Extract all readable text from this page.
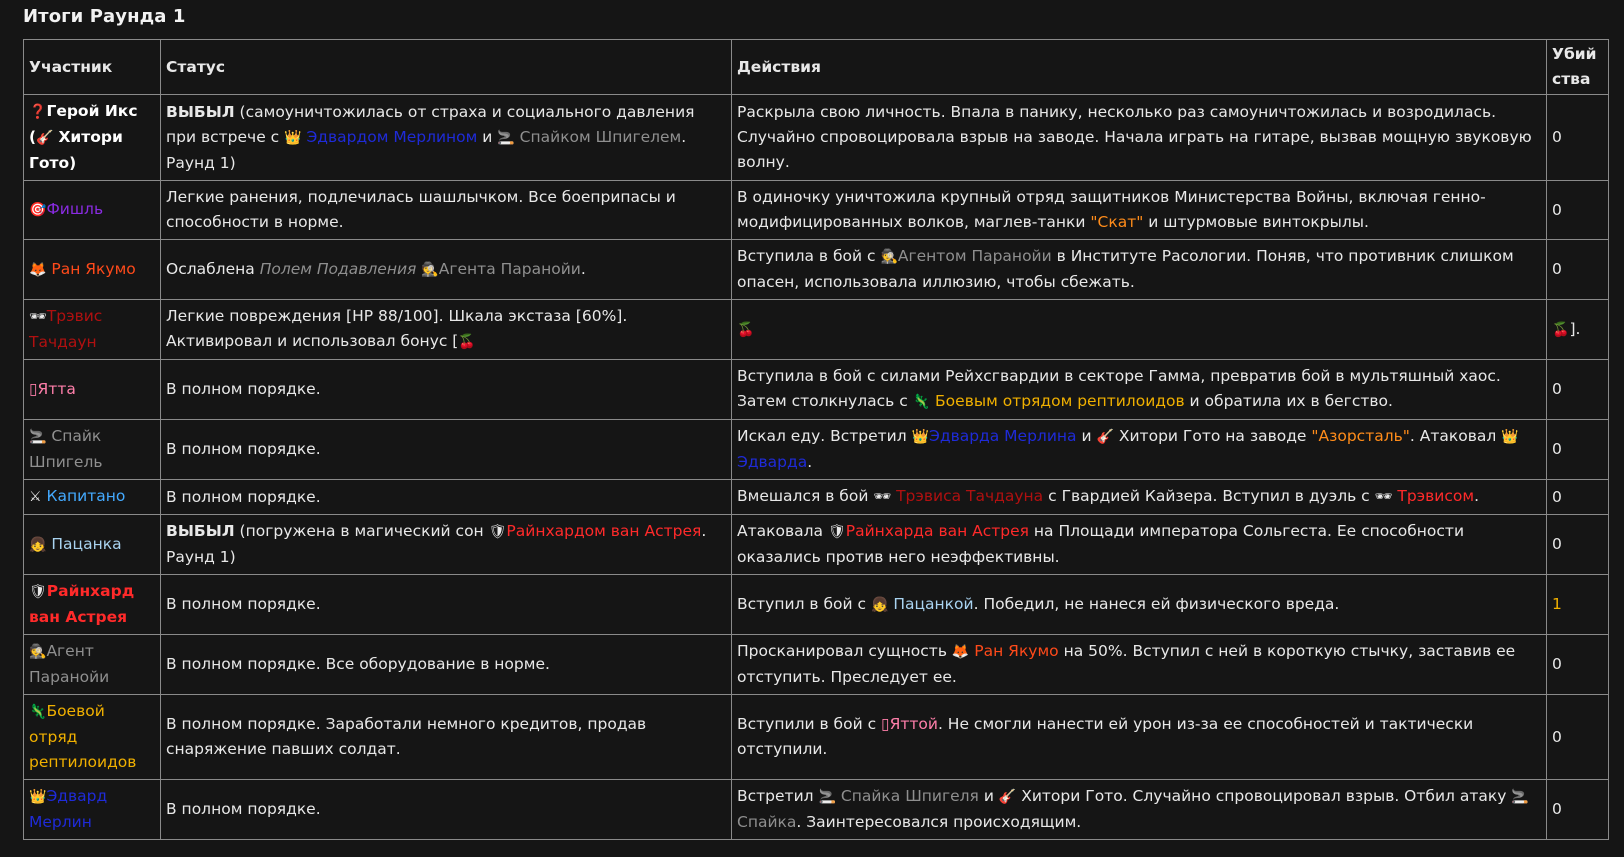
Итоги Раунда 1
Участник	Статус	Действия	Убийства
❓Герой Икс (🎸 Хитори Гото)	ВЫБЫЛ (самоуничтожилась от страха и социального давления при встрече с 👑 Эдвардом Мерлином и 🚬 Спайком Шпигелем. Раунд 1)	Раскрыла свою личность. Впала в панику, несколько раз самоуничтожилась и возродилась. Случайно спровоцировала взрыв на заводе. Начала играть на гитаре, вызвав мощную звуковую волну.	0
🎯Фишль	Легкие ранения, подлечилась шашлычком. Все боеприпасы и способности в норме.	В одиночку уничтожила крупный отряд защитников Министерства Войны, включая генно-модифицированных волков, маглев-танки "Скат" и штурмовые винтокрылы.	0
🦊 Ран Якумо	Ослаблена Полем Подавления 🕵Агента Паранойи.	Вступила в бой с 🕵Агентом Паранойи в Институте Расологии. Поняв, что противник слишком опасен, использовала иллюзию, чтобы сбежать.	0
🕶Трэвис Тачдаун	Легкие повреждения [HP 88/100]. Шкала экстаза [60%]. Активировал и использовал бонус [🍒	🍒	🍒].
▯Ятта	В полном порядке.	Вступила в бой с силами Рейхсгвардии в секторе Гамма, превратив бой в мультяшный хаос. Затем столкнулась с 🦎 Боевым отрядом рептилоидов и обратила их в бегство.	0
🚬 Спайк Шпигель	В полном порядке.	Искал еду. Встретил 👑Эдварда Мерлина и 🎸 Хитори Гото на заводе "Азорсталь". Атаковал 👑 Эдварда.	0
⚔ Капитано	В полном порядке.	Вмешался в бой 🕶 Трэвиса Тачдауна с Гвардией Кайзера. Вступил в дуэль с 🕶 Трэвисом.	0
👧 Пацанка	ВЫБЫЛ (погружена в магический сон 🛡Райнхардом ван Астрея. Раунд 1)	Атаковала 🛡Райнхарда ван Астрея на Площади императора Сольгеста. Ее способности оказались против него неэффективны.	0
🛡Райнхард ван Астрея	В полном порядке.	Вступил в бой с 👧 Пацанкой. Победил, не нанеся ей физического вреда.	1
🕵Агент Паранойи	В полном порядке. Все оборудование в норме.	Просканировал сущность 🦊 Ран Якумо на 50%. Вступил с ней в короткую стычку, заставив ее отступить. Преследует ее.	0
🦎Боевой отряд рептилоидов	В полном порядке. Заработали немного кредитов, продав снаряжение павших солдат.	Вступили в бой с ▯Яттой. Не смогли нанести ей урон из-за ее способностей и тактически отступили.	0
👑Эдвард Мерлин	В полном порядке.	Встретил 🚬 Спайка Шпигеля и 🎸 Хитори Гото. Случайно спровоцировал взрыв. Отбил атаку 🚬 Спайка. Заинтересовался происходящим.	0
